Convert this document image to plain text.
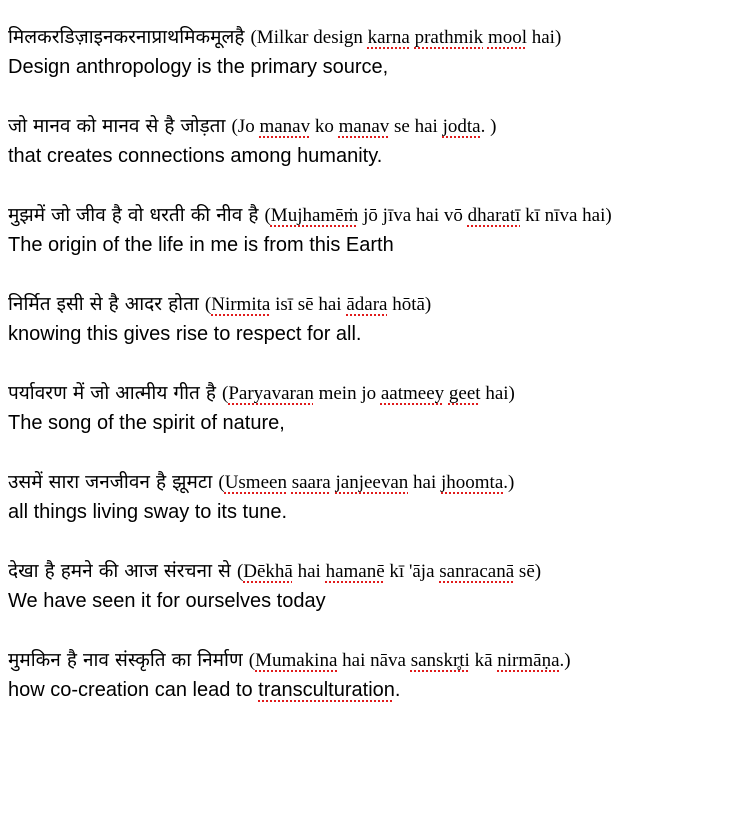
मिलकरडिज़ाइनकरनाप्राथमिकमूलहै (Milkar design karna prathmik mool hai)
Design anthropology is the primary source,
जो मानव को मानव से है जोड़ता (Jo manav ko manav se hai jodta. )
that creates connections among humanity.
मुझमें जो जीव है वो धरती की नीव है (Mujhamēṁ jō jīva hai vō dharatī kī nīva hai)
The origin of the life in me is from this Earth
निर्मित इसी से है आदर होता (Nirmita isī sē hai ādara hōtā)
knowing this gives rise to respect for all.
पर्यावरण में जो आत्मीय गीत है (Paryavaran mein jo aatmeey geet hai)
The song of the spirit of nature,
उसमें सारा जनजीवन है झूमटा (Usmeen saara janjeevan hai jhoomta.)
all things living sway to its tune.
देखा है हमने की आज संरचना से (Dēkhā hai hamanē kī 'āja sanracanā sē)
We have seen it for ourselves today
मुमकिन है नाव संस्कृति का निर्माण (Mumakina hai nāva sanskr̥ti kā nirmāṇa.)
how co-creation can lead to transculturation.
